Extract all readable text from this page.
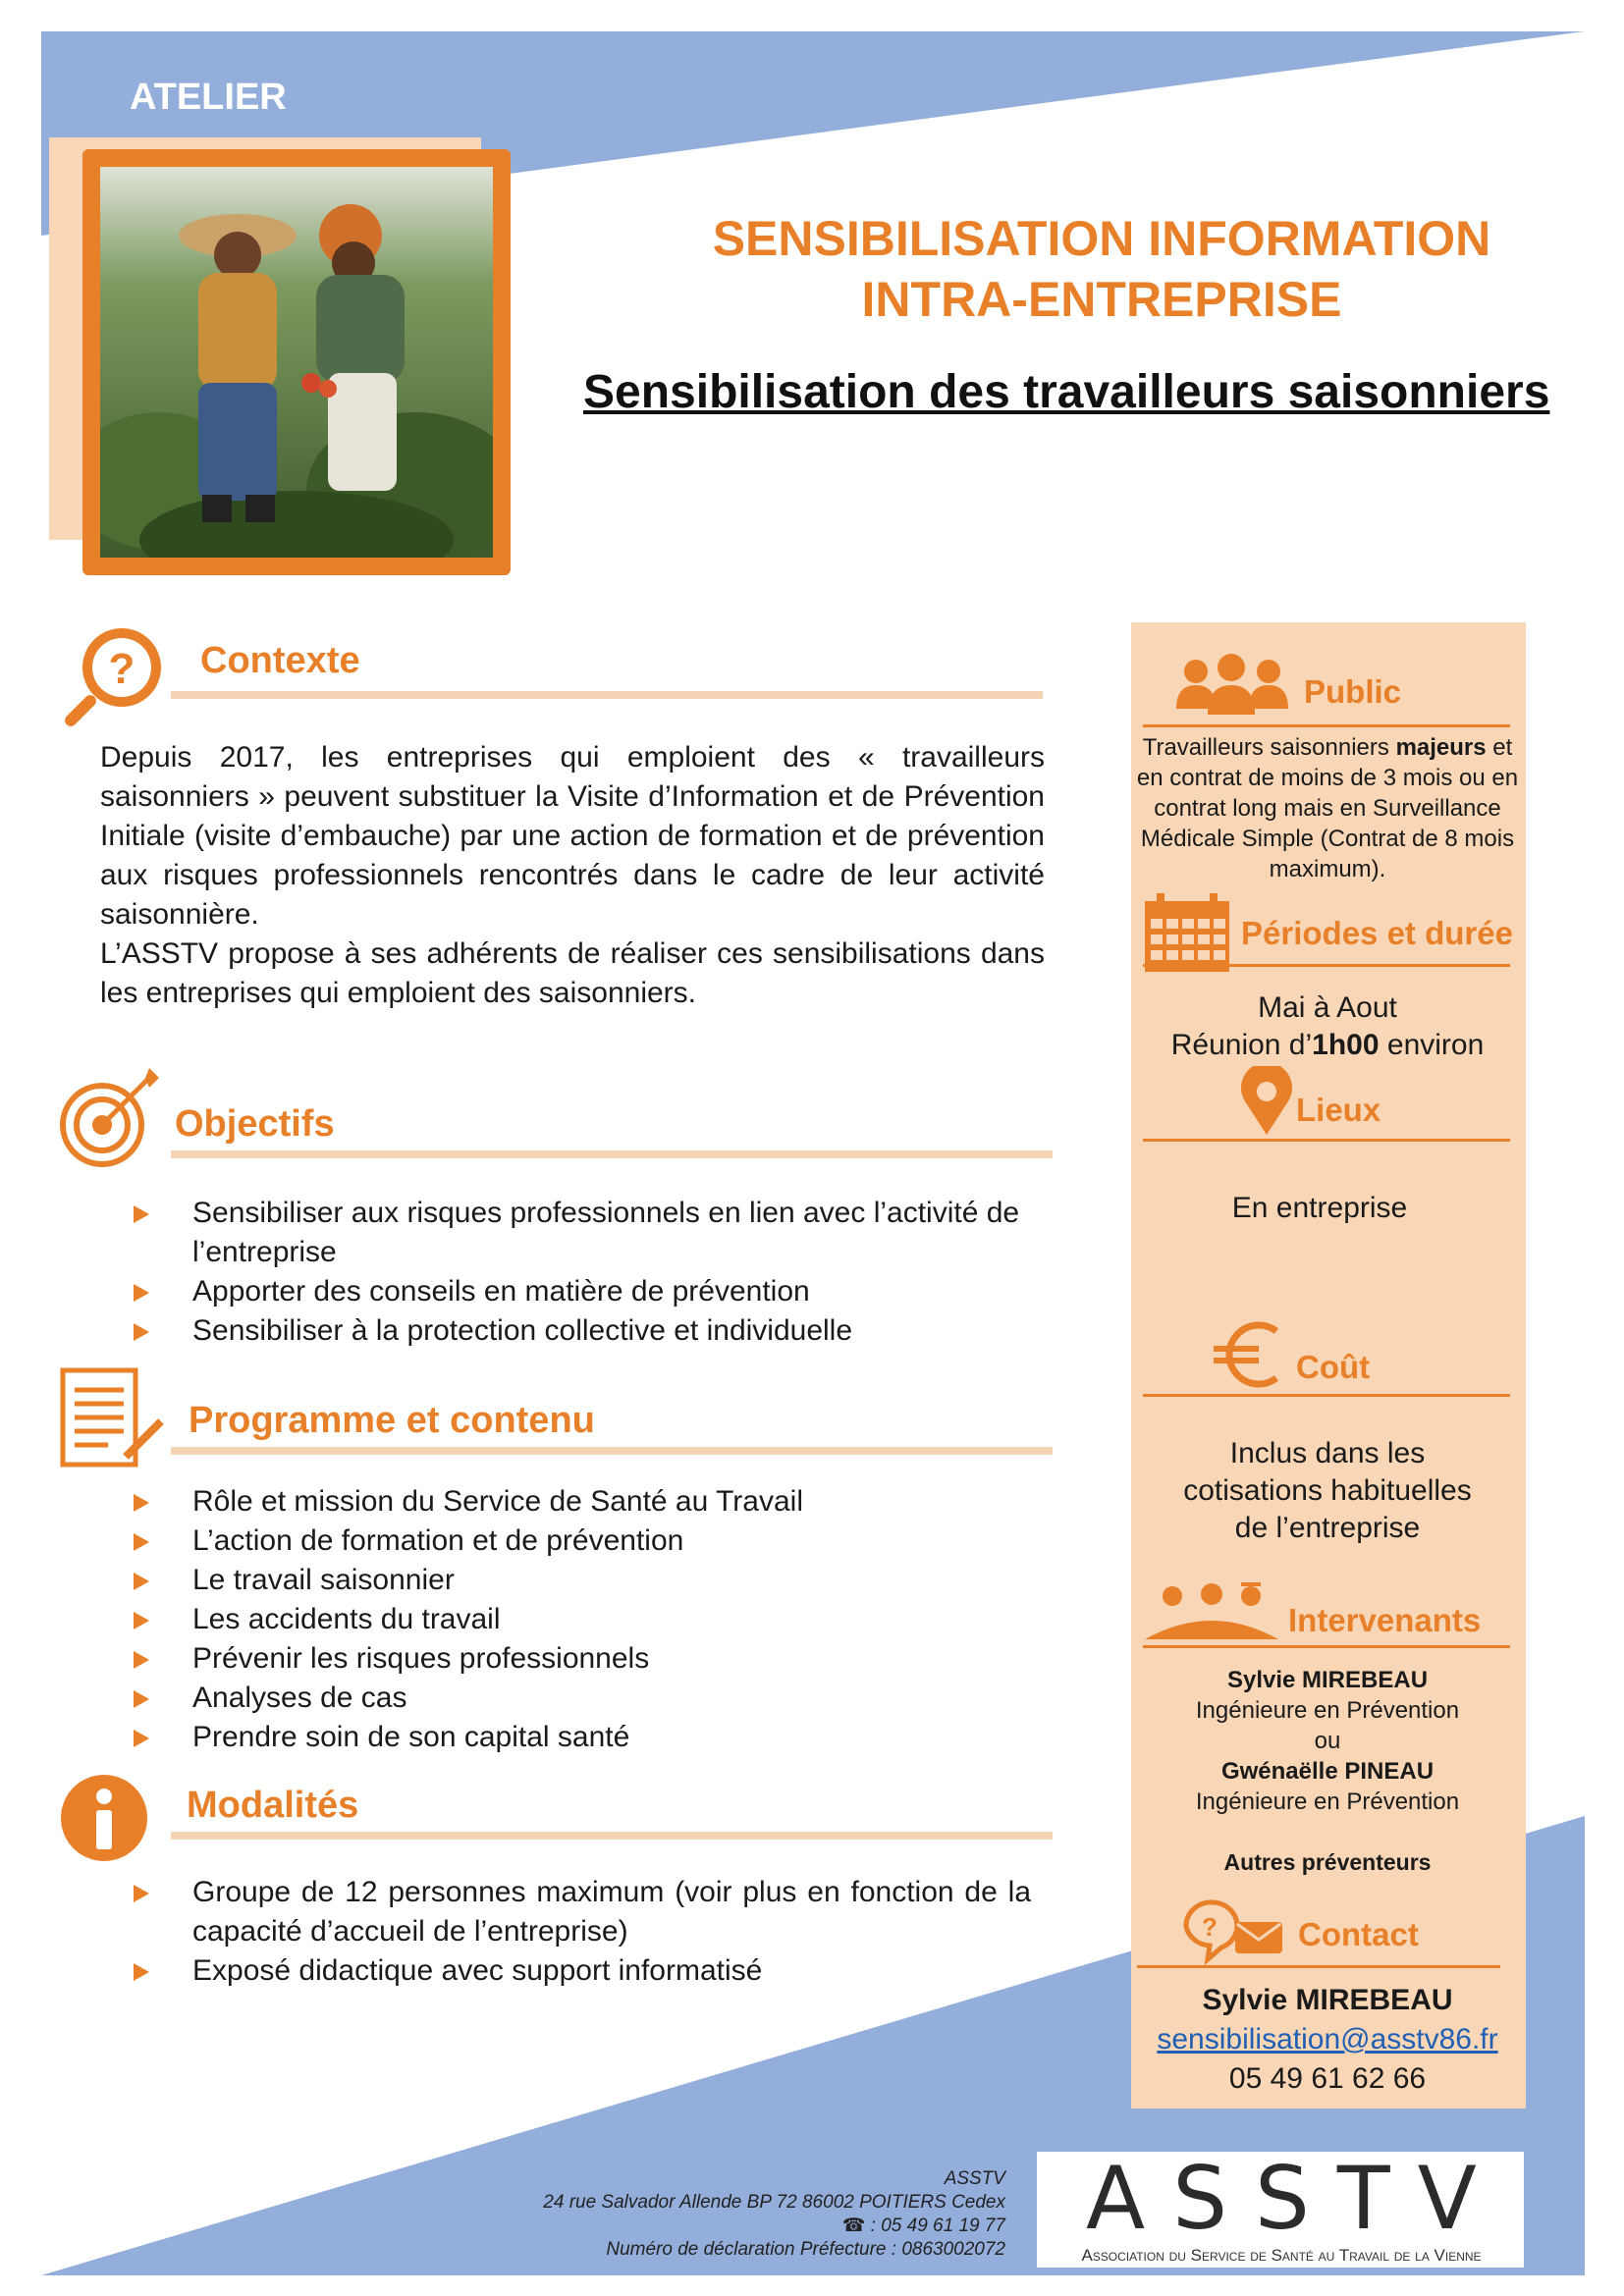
ATELIER
SENSIBILISATION INFORMATION
INTRA-ENTREPRISE
Sensibilisation des travailleurs saisonniers
? Contexte
Depuis 2017, les entreprises qui emploient des « travailleurs saisonniers » peuvent substituer la Visite d’Information et de Prévention Initiale (visite d’embauche) par une action de formation et de prévention aux risques professionnels rencontrés dans le cadre de leur activité saisonnière.
L’ASSTV propose à ses adhérents de réaliser ces sensibilisations dans les entreprises qui emploient des saisonniers.
Objectifs
Sensibiliser aux risques professionnels en lien avec l’activité de l’entreprise
Apporter des conseils en matière de prévention
Sensibiliser à la protection collective et individuelle
Programme et contenu
Rôle et mission du Service de Santé au Travail
L’action de formation et de prévention
Le travail saisonnier
Les accidents du travail
Prévenir les risques professionnels
Analyses de cas
Prendre soin de son capital santé
Modalités
Groupe de 12 personnes maximum (voir plus en fonction de la capacité d’accueil de l’entreprise)
Exposé didactique avec support informatisé
Public
Travailleurs saisonniers majeurs et en contrat de moins de 3 mois ou en contrat long mais en Surveillance Médicale Simple (Contrat de 8 mois maximum).
Périodes et durée
Mai à Aout
Réunion d’1h00 environ
Lieux
En entreprise
Coût
Inclus dans les
cotisations habituelles
de l’entreprise
Intervenants
Sylvie MIREBEAU
Ingénieure en Prévention
ou
Gwénaëlle PINEAU
Ingénieure en Prévention
Autres préventeurs
? Contact
Sylvie MIREBEAU
sensibilisation@asstv86.fr
05 49 61 62 66
ASSTV
24 rue Salvador Allende BP 72 86002 POITIERS Cedex
☎ : 05 49 61 19 77
Numéro de déclaration Préfecture : 0863002072
ASSTV
Association du Service de Santé au Travail de la Vienne
